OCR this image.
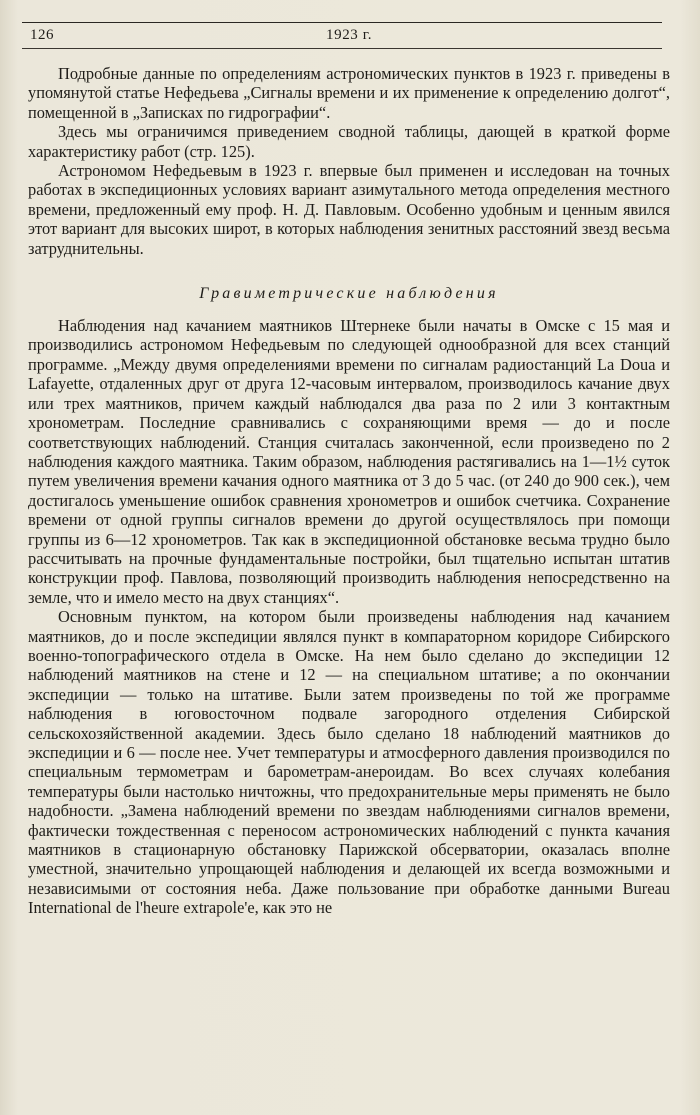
126	1923 г.

Подробные данные по определениям астрономических пунктов в 1923 г. приведены в упомянутой статье Нефедьева „Сигналы времени и их применение к определению долгот“, помещенной в „Записках по гидрографии“.

Здесь мы ограничимся приведением сводной таблицы, дающей в краткой форме характеристику работ (стр. 125).

Астрономом Нефедьевым в 1923 г. впервые был применен и исследован на точных работах в экспедиционных условиях вариант азимутального метода определения местного времени, предложенный ему проф. Н. Д. Павловым. Особенно удобным и ценным явился этот вариант для высоких широт, в которых наблюдения зенитных расстояний звезд весьма затруднительны.

Гравиметрические наблюдения

Наблюдения над качанием маятников Штернеке были начаты в Омске с 15 мая и производились астрономом Нефедьевым по следующей однообразной для всех станций программе. „Между двумя определениями времени по сигналам радиостанций La Doua и Lafayette, отдаленных друг от друга 12-часовым интервалом, производилось качание двух или трех маятников, причем каждый наблюдался два раза по 2 или 3 контактным хронометрам. Последние сравнивались с сохраняющими время — до и после соответствующих наблюдений. Станция считалась законченной, если произведено по 2 наблюдения каждого маятника. Таким образом, наблюдения растягивались на 1—1½ суток путем увеличения времени качания одного маятника от 3 до 5 час. (от 240 до 900 сек.), чем достигалось уменьшение ошибок сравнения хронометров и ошибок счетчика. Сохранение времени от одной группы сигналов времени до другой осуществлялось при помощи группы из 6—12 хронометров. Так как в экспедиционной обстановке весьма трудно было рассчитывать на прочные фундаментальные постройки, был тщательно испытан штатив конструкции проф. Павлова, позволяющий производить наблюдения непосредственно на земле, что и имело место на двух станциях“.

Основным пунктом, на котором были произведены наблюдения над качанием маятников, до и после экспедиции являлся пункт в компараторном коридоре Сибирского военно-топографического отдела в Омске. На нем было сделано до экспедиции 12 наблюдений маятников на стене и 12 — на специальном штативе; а по окончании экспедиции — только на штативе. Были затем произведены по той же программе наблюдения в юговосточном подвале загородного отделения Сибирской сельскохозяйственной академии. Здесь было сделано 18 наблюдений маятников до экспедиции и 6 — после нее. Учет температуры и атмосферного давления производился по специальным термометрам и барометрам-анероидам. Во всех случаях колебания температуры были настолько ничтожны, что предохранительные меры применять не было надобности. „Замена наблюдений времени по звездам наблюдениями сигналов времени, фактически тождественная с переносом астрономических наблюдений с пункта качания маятников в стационарную обстановку Парижской обсерватории, оказалась вполне уместной, значительно упрощающей наблюдения и делающей их всегда возможными и независимыми от состояния неба. Даже пользование при обработке данными Bureau International de l'heure extrapole'e, как это не
